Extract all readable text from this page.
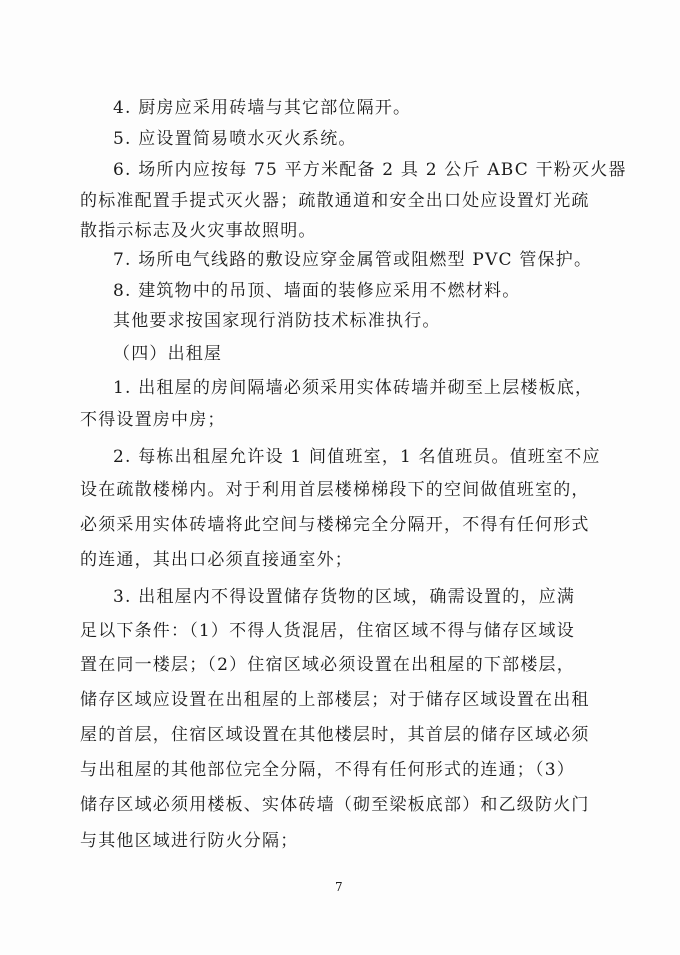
4. 厨房应采用砖墙与其它部位隔开。
5. 应设置简易喷水灭火系统。
6. 场所内应按每 75 平方米配备 2 具 2 公斤 ABC 干粉灭火器
的标准配置手提式灭火器；疏散通道和安全出口处应设置灯光疏
散指示标志及火灾事故照明。
7. 场所电气线路的敷设应穿金属管或阻燃型 PVC 管保护。
8. 建筑物中的吊顶、墙面的装修应采用不燃材料。
其他要求按国家现行消防技术标准执行。
（四）出租屋
1. 出租屋的房间隔墙必须采用实体砖墙并砌至上层楼板底，
不得设置房中房；
2. 每栋出租屋允许设 1 间值班室，1 名值班员。值班室不应
设在疏散楼梯内。对于利用首层楼梯梯段下的空间做值班室的，
必须采用实体砖墙将此空间与楼梯完全分隔开，不得有任何形式
的连通，其出口必须直接通室外；
3. 出租屋内不得设置储存货物的区域，确需设置的，应满
足以下条件：（1）不得人货混居，住宿区域不得与储存区域设
置在同一楼层；（2）住宿区域必须设置在出租屋的下部楼层，
储存区域应设置在出租屋的上部楼层；对于储存区域设置在出租
屋的首层，住宿区域设置在其他楼层时，其首层的储存区域必须
与出租屋的其他部位完全分隔，不得有任何形式的连通；（3）
储存区域必须用楼板、实体砖墙（砌至梁板底部）和乙级防火门
与其他区域进行防火分隔；
7
